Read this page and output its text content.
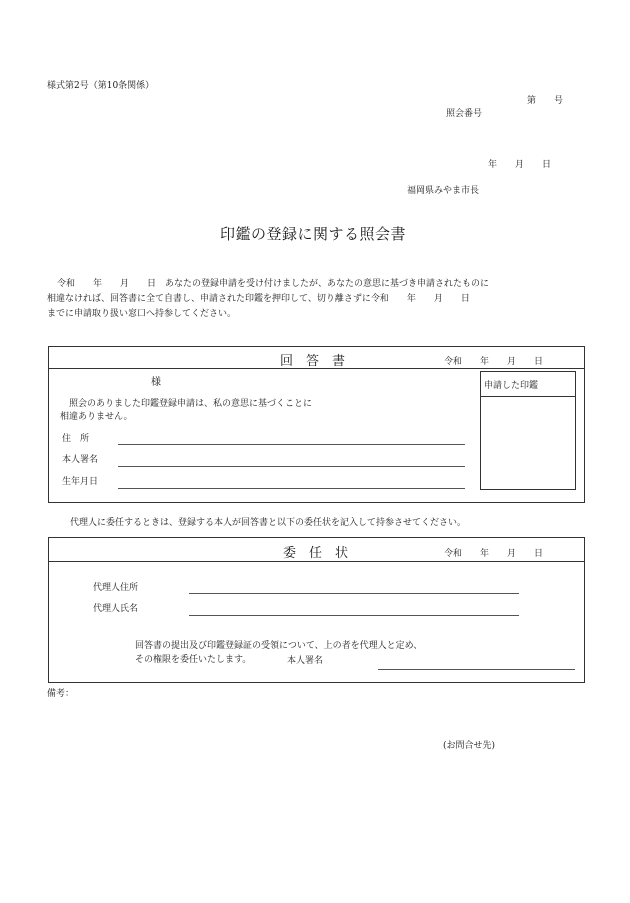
様式第2号（第10条関係）
第　　号
照会番号
年　　月　　日
福岡県みやま市長
印鑑の登録に関する照会書
令和　　年　　月　　日　あなたの登録申請を受け付けましたが、あなたの意思に基づき申請されたものに
相違なければ、回答書に全て自書し、申請された印鑑を押印して、切り離さずに令和　　年　　月　　日
までに申請取り扱い窓口へ持参してください。
回　答　書	令和　　年　　月　　日
様
照会のありました印鑑登録申請は、私の意思に基づくことに
相違ありません。
住　所
本人署名
生年月日
申請した印鑑
代理人に委任するときは、登録する本人が回答書と以下の委任状を記入して持参させてください。
委　任　状	令和　　年　　月　　日
代理人住所
代理人氏名
回答書の提出及び印鑑登録証の受領について、上の者を代理人と定め、
その権限を委任いたします。	本人署名
備考：
(お問合せ先)
